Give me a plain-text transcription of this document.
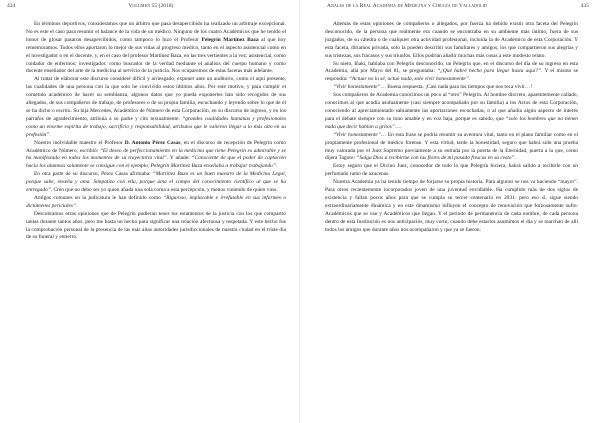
434	Volumen 55 (2018)

En términos deportivos, consideramos que un árbitro que pasa desapercibido ha realizado un arbitraje excepcional. No es este el caso para resumir el balance de la vida de un médico. Ninguno de los cuatro Académicos que he tenido el honor de glosar pasaron desapercibidos, como tampoco lo hizo el Profesor Pelegrín Martínez Baza al que hoy rememoramos. Todos ellos aportaron lo mejor de sus vidas al progreso médico, tanto en el aspecto asistencial como en el investigador o en el docente, y, en el caso del profesor Martínez Baza, en las tres vertientes a la vez: asistencial, como cuidador de enfermos; investigador, como buscador de la verdad mediante el análisis del cuerpo humano y como docente enseñador del arte de la medicina al servicio de la justicia. Nos ocuparemos de estas facetas más adelante.

Al tratar de elaborar este discurso consideré difícil y arriesgado, exponer ante un auditorio, como el aquí presente, las cualidades de una persona con la que solo he convivido estos últimos años. Por este motivo, y para cumplir el cometido académico de hacer su semblanza, algunos datos que yo pueda exponerles han sido recogidos de sus allegados, de sus compañeros de trabajo, de profesores o de su propia familia, escuchando y leyendo sobre lo que de él se ha dicho o escrito. Su hija Mercedes, Académico de Número de esta Corporación, en su discurso de ingreso, y en los párrafos de agradecimiento, atribuía a su padre y cito textualmente: “grandes cualidades humanas y profesionales como un enorme espíritu de trabajo, sacrificio y responsabilidad, atributos que le valieron llegar a lo más alto en su profesión”.

Nuestro inolvidable maestro el Profesor D. Antonio Pérez Casas, en el discurso de recepción de Pelegrín como Académico de Número, escribió: “El deseo de perfeccionamiento en la medicina que tiene Pelegrín es admirable y se ha manifestado en todos los momentos de su trayectoria vital”. Y añade: “Consciente de que el poder de captación hacia los alumnos solamente se consigue con el ejemplo, Pelegrín Martínez Baza enseñaba a trabajar trabajando”.

En otra parte de su discurso, Pérez Casas afirmaba: “Martínez Baza es un buen maestro de la Medicina Legal, porque sabe, enseña y ama. Simpatiza con ella, porque ama el campo del conocimiento científico al que se ha entregado”. Creo que no debo ser yo quien añada una sola coma a esta percepción, y menos viniendo de quien vino.

Amigos comunes en la judicatura le han definido como “Riguroso, implacable e irrefutable en sus informes o dictámenes periciales”.

Descubramos otras opiniones que de Pelegrín pudieran tener los estamentos de la justicia con los que compartió tantas durante tantos años, pero me basta un hecho para significar una relación afectuosa y respetada. Y este hecho fue la comprobación personal de la presencia de las más altas autoridades jurisdiccionales de nuestra ciudad en el triste día de su funeral y entierro.

Anales de la Real Academia de Medicina y Cirugía de Valladolid	435

Además de estas opiniones de compañeros o allegados, por fuerza ha debido existir otra faceta del Pelegrín desconocido, de la persona que realmente era cuando se encontraba en su ambiente más íntimo, fuera de sus juzgados, de su cátedra o de cualquier otra actividad profesional, incluida la de Académico de esta Corporación. Y esta faceta, diríamos privada, solo la pueden describir sus familiares y amigos, los que compartieron sus alegrías y sus tristezas, sus fracasos y sus triunfos. Ellos podrían añadir muchas más cosas a este modesto relato.

Su nieto, Iñaki, hablaba con Pelegrín desconocido, un Pelegrín que, en el discurso del día de su ingreso en esta Academia, allá por Mayo del 81, se preguntaba: “¿Qué habré hecho para llegar hasta aquí?”. Y el mismo se respondía: “Actuar no lo sé, actuó nada, solo vivir honestamente”.

“Vivir honestamente”… Buena respuesta. ¡Casi nada para los tiempos que nos toca vivir…!

Sus compañeros de Academia conocimos un poco al “otro” Pelegrín. Al hombre discreto, aparentemente callado, conocimos al que acudía asiduamente (casi siempre acompañado por su familia) a los Actos de esta Corporación, conociendo al apreciamientado sabiamente las aportaciones escuchadas, o al que añadía algún aspecto de interés para el debate siempre con su tono amable y en voz baja, porque es sabido, que “solo los hombres que no tienen nada que decir hablan a gritos”….

“Vivir honestamente”… En esta frase se podría resumir su aventura vital, tanto en el plano familiar como en el propiamente profesional de médico forense. Y esta virtud, tarde la honestidad, seguro que habrá sido una prueba muy valorada por el Juez Supremo previamente a su entrada por la puerta de la Eternidad, puerta a la que, como dijera Tagore: “Salga Dios a recibirme con las flores de mi pasado frescas en su cesto”.

Estoy seguro que el Divino Juez, conocedor de todo lo que Pelegrín hiciera, habrá salido a recibirle con un perfumado ramo de azucenas.

Nuestra Academia ya ha tenido tiempo de forjarse su propia historia. Para algunos se nos va haciendo “mayor”. Para otros recientemente incorporados joven de una juventud envidiable. Ha cumplido más de dos siglos de existencia y faltan pocos años para que se cumpla su tercer centenario en 2031: pero eso sí, sigue siendo extraordinariamente dinámica y en este dinamismo influyen el concepto de renovación que forzosamente sufre. Académicos que se van y Académicos que llegan. Y el periodo de permanencia de cada nombre, de cada persona dentro de esta Institución es nos anticipaciós, muy corto, cuando debe estarlos asumimos el día y se marchan de allí todos los amigos que durante años nos acompañaron y que ya se fueron.
